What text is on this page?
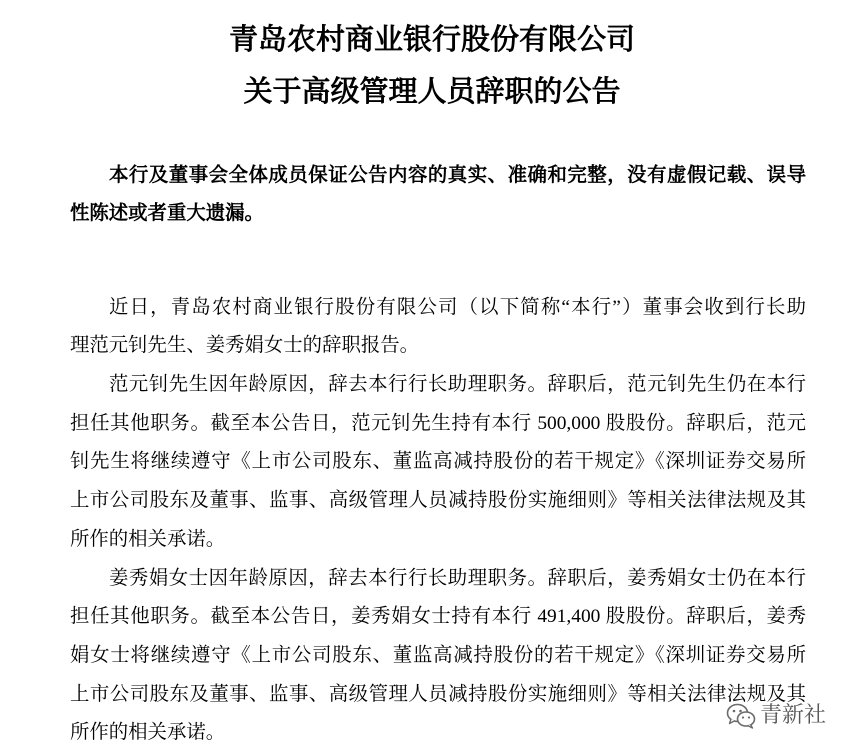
青岛农村商业银行股份有限公司
关于高级管理人员辞职的公告
本行及董事会全体成员保证公告内容的真实、准确和完整，没有虚假记载、误导
性陈述或者重大遗漏。
近日，青岛农村商业银行股份有限公司（以下简称“本行”）董事会收到行长助
理范元钊先生、姜秀娟女士的辞职报告。
范元钊先生因年龄原因，辞去本行行长助理职务。辞职后，范元钊先生仍在本行
担任其他职务。截至本公告日，范元钊先生持有本行 500,000 股股份。辞职后，范元
钊先生将继续遵守《上市公司股东、董监高减持股份的若干规定》《深圳证券交易所
上市公司股东及董事、监事、高级管理人员减持股份实施细则》等相关法律法规及其
所作的相关承诺。
姜秀娟女士因年龄原因，辞去本行行长助理职务。辞职后，姜秀娟女士仍在本行
担任其他职务。截至本公告日，姜秀娟女士持有本行 491,400 股股份。辞职后，姜秀
娟女士将继续遵守《上市公司股东、董监高减持股份的若干规定》《深圳证券交易所
上市公司股东及董事、监事、高级管理人员减持股份实施细则》等相关法律法规及其
所作的相关承诺。
青新社
